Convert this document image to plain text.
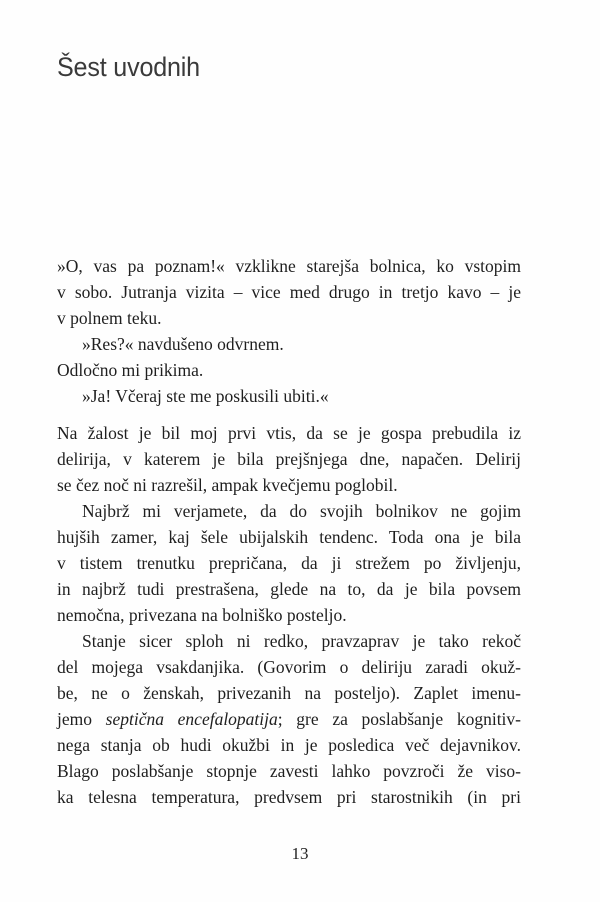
Šest uvodnih
»O, vas pa poznam!« vzklikne starejša bolnica, ko vstopim
v sobo. Jutranja vizita – vice med drugo in tretjo kavo – je
v polnem teku.
»Res?« navdušeno odvrnem.
Odločno mi prikima.
»Ja! Včeraj ste me poskusili ubiti.«
Na žalost je bil moj prvi vtis, da se je gospa prebudila iz
delirija, v katerem je bila prejšnjega dne, napačen. Delirij
se čez noč ni razrešil, ampak kvečjemu poglobil.
Najbrž mi verjamete, da do svojih bolnikov ne gojim
hujših zamer, kaj šele ubijalskih tendenc. Toda ona je bila
v tistem trenutku prepričana, da ji strežem po življenju,
in najbrž tudi prestrašena, glede na to, da je bila povsem
nemočna, privezana na bolniško posteljo.
Stanje sicer sploh ni redko, pravzaprav je tako rekoč
del mojega vsakdanjika. (Govorim o deliriju zaradi okuž-
be, ne o ženskah, privezanih na posteljo). Zaplet imenu-
jemo septična encefalopatija; gre za poslabšanje kognitiv-
nega stanja ob hudi okužbi in je posledica več dejavnikov.
Blago poslabšanje stopnje zavesti lahko povzroči že viso-
ka telesna temperatura, predvsem pri starostnikih (in pri
13
